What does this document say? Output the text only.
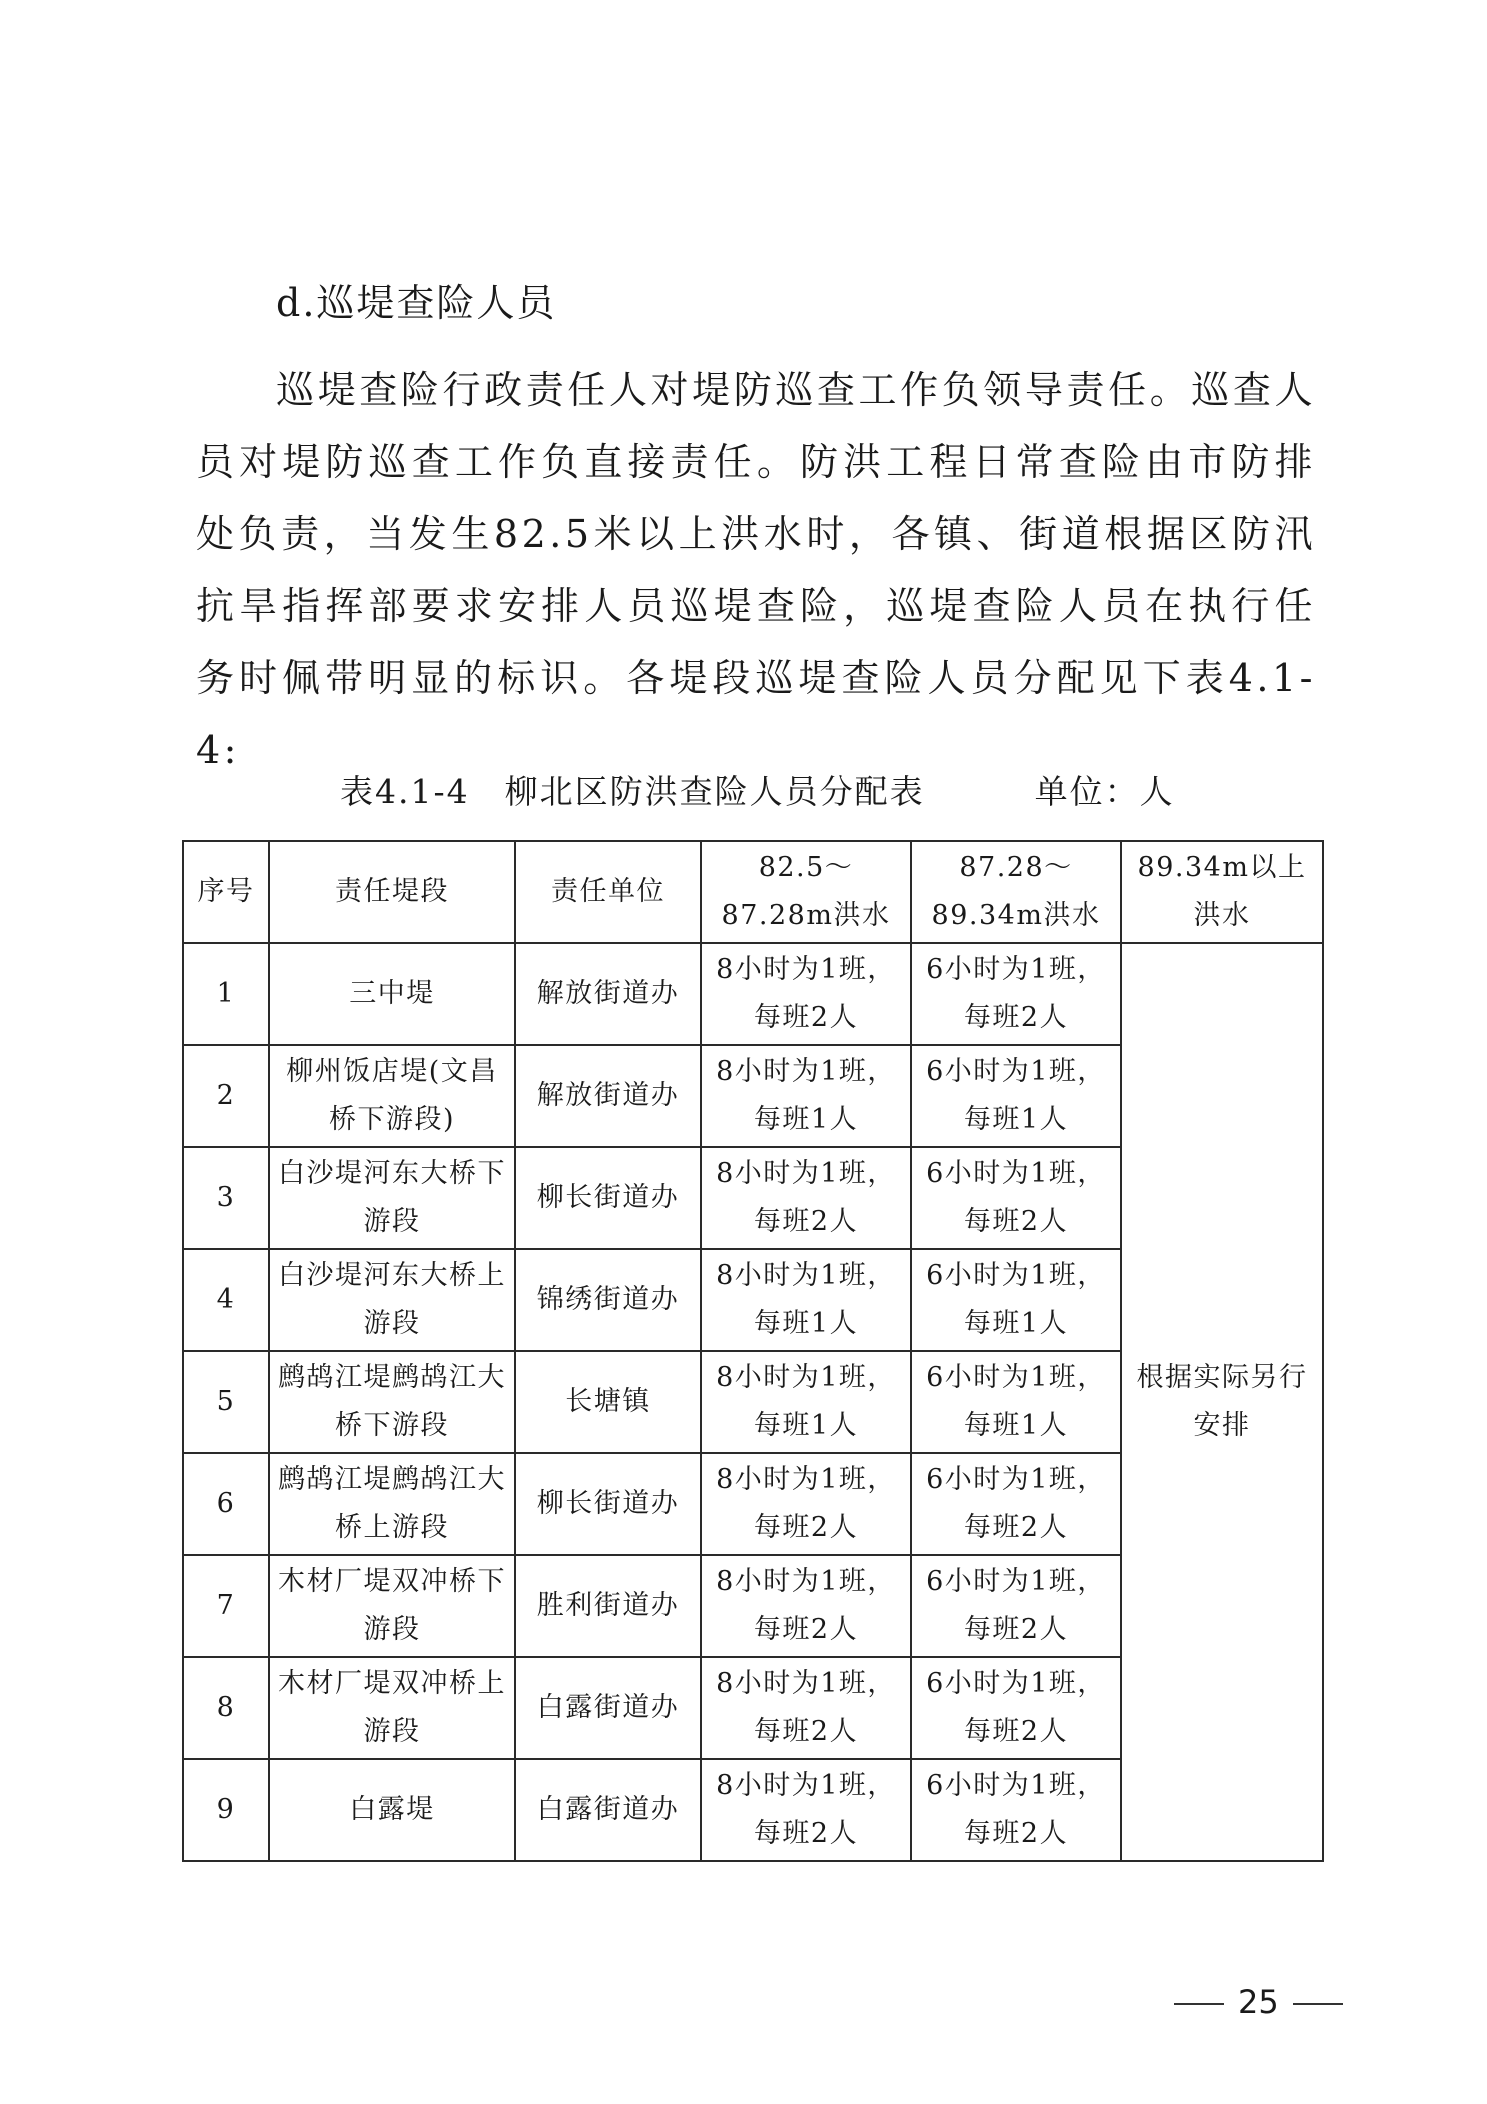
d.巡堤查险人员

巡堤查险行政责任人对堤防巡查工作负领导责任。巡查人员对堤防巡查工作负直接责任。防洪工程日常查险由市防排处负责，当发生82.5米以上洪水时，各镇、街道根据区防汛抗旱指挥部要求安排人员巡堤查险，巡堤查险人员在执行任务时佩带明显的标识。各堤段巡堤查险人员分配见下表4.1-4:

表4.1-4　柳北区防洪查险人员分配表	单位：人
序号	责任堤段	责任单位	82.5～87.28m洪水	87.28～89.34m洪水	89.34m以上洪水
1	三中堤	解放街道办	8小时为1班，每班2人	6小时为1班，每班2人	根据实际另行安排
2	柳州饭店堤(文昌桥下游段)	解放街道办	8小时为1班，每班1人	6小时为1班，每班1人	
3	白沙堤河东大桥下游段	柳长街道办	8小时为1班，每班2人	6小时为1班，每班2人	
4	白沙堤河东大桥上游段	锦绣街道办	8小时为1班，每班1人	6小时为1班，每班1人	
5	鹧鸪江堤鹧鸪江大桥下游段	长塘镇	8小时为1班，每班1人	6小时为1班，每班1人	
6	鹧鸪江堤鹧鸪江大桥上游段	柳长街道办	8小时为1班，每班2人	6小时为1班，每班2人	
7	木材厂堤双冲桥下游段	胜利街道办	8小时为1班，每班2人	6小时为1班，每班2人	
8	木材厂堤双冲桥上游段	白露街道办	8小时为1班，每班2人	6小时为1班，每班2人	
9	白露堤	白露街道办	8小时为1班，每班2人	6小时为1班，每班2人	
25
